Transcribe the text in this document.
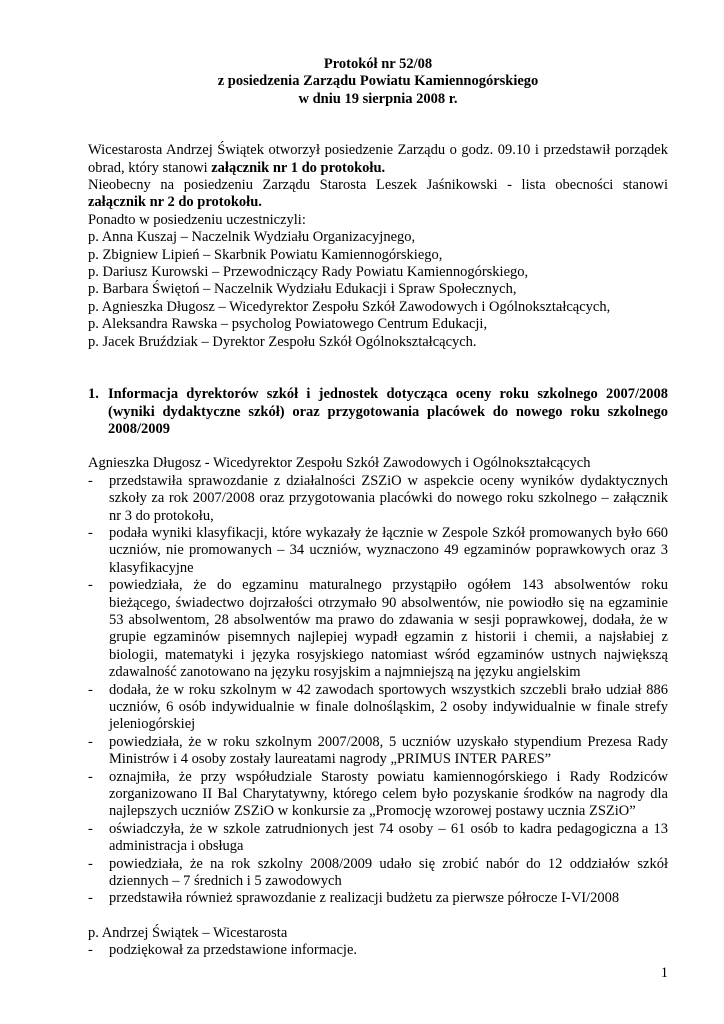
Protokół nr 52/08
z posiedzenia Zarządu Powiatu Kamiennogórskiego
w dniu 19 sierpnia 2008 r.

Wicestarosta Andrzej Świątek otworzył posiedzenie Zarządu o godz. 09.10 i przedstawił porządek obrad, który stanowi załącznik nr 1 do protokołu.

Nieobecny na posiedzeniu Zarządu Starosta Leszek Jaśnikowski - lista obecności stanowi załącznik nr 2 do protokołu.

Ponadto w posiedzeniu uczestniczyli:

p. Anna Kuszaj – Naczelnik Wydziału Organizacyjnego,
p. Zbigniew Lipień – Skarbnik Powiatu Kamiennogórskiego,
p. Dariusz Kurowski – Przewodniczący Rady Powiatu Kamiennogórskiego,
p. Barbara Świętoń – Naczelnik Wydziału Edukacji i Spraw Społecznych,
p. Agnieszka Długosz – Wicedyrektor Zespołu Szkół Zawodowych i Ogólnokształcących,
p. Aleksandra Rawska – psycholog Powiatowego Centrum Edukacji,
p. Jacek Bruździak – Dyrektor Zespołu Szkół Ogólnokształcących.
1. Informacja dyrektorów szkół i jednostek dotycząca oceny roku szkolnego 2007/2008 (wyniki dydaktyczne szkół) oraz przygotowania placówek do nowego roku szkolnego 2008/2009

Agnieszka Długosz - Wicedyrektor Zespołu Szkół Zawodowych i Ogólnokształcących

-	przedstawiła sprawozdanie z działalności ZSZiO w aspekcie oceny wyników dydaktycznych szkoły za rok 2007/2008 oraz przygotowania placówki do nowego roku szkolnego – załącznik nr 3 do protokołu,
-	podała wyniki klasyfikacji, które wykazały że łącznie w Zespole Szkół promowanych było 660 uczniów, nie promowanych – 34 uczniów, wyznaczono 49 egzaminów poprawkowych oraz 3 klasyfikacyjne
-	powiedziała, że do egzaminu maturalnego przystąpiło ogółem 143 absolwentów roku bieżącego, świadectwo dojrzałości otrzymało 90 absolwentów, nie powiodło się na egzaminie 53 absolwentom, 28 absolwentów ma prawo do zdawania w sesji poprawkowej, dodała, że w grupie egzaminów pisemnych najlepiej wypadł egzamin z historii i chemii, a najsłabiej z biologii, matematyki i języka rosyjskiego natomiast wśród egzaminów ustnych największą zdawalność zanotowano na języku rosyjskim a najmniejszą na języku angielskim
-	dodała, że w roku szkolnym w 42 zawodach sportowych wszystkich szczebli brało udział 886 uczniów, 6 osób indywidualnie w finale dolnośląskim, 2 osoby indywidualnie w finale strefy jeleniogórskiej
-	powiedziała, że w roku szkolnym 2007/2008, 5 uczniów uzyskało stypendium Prezesa Rady Ministrów i 4 osoby zostały laureatami nagrody „PRIMUS INTER PARES”
-	oznajmiła, że przy współudziale Starosty powiatu kamiennogórskiego i Rady Rodziców zorganizowano II Bal Charytatywny, którego celem było pozyskanie środków na nagrody dla najlepszych uczniów ZSZiO w konkursie za „Promocję wzorowej postawy ucznia ZSZiO”
-	oświadczyła, że w szkole zatrudnionych jest 74 osoby – 61 osób to kadra pedagogiczna a 13 administracja i obsługa
-	powiedziała, że na rok szkolny 2008/2009 udało się zrobić nabór do 12 oddziałów szkół dziennych – 7 średnich i 5 zawodowych
-	przedstawiła również sprawozdanie z realizacji budżetu za pierwsze półrocze I-VI/2008

p. Andrzej Świątek – Wicestarosta

-	podziękował za przedstawione informacje.
1
